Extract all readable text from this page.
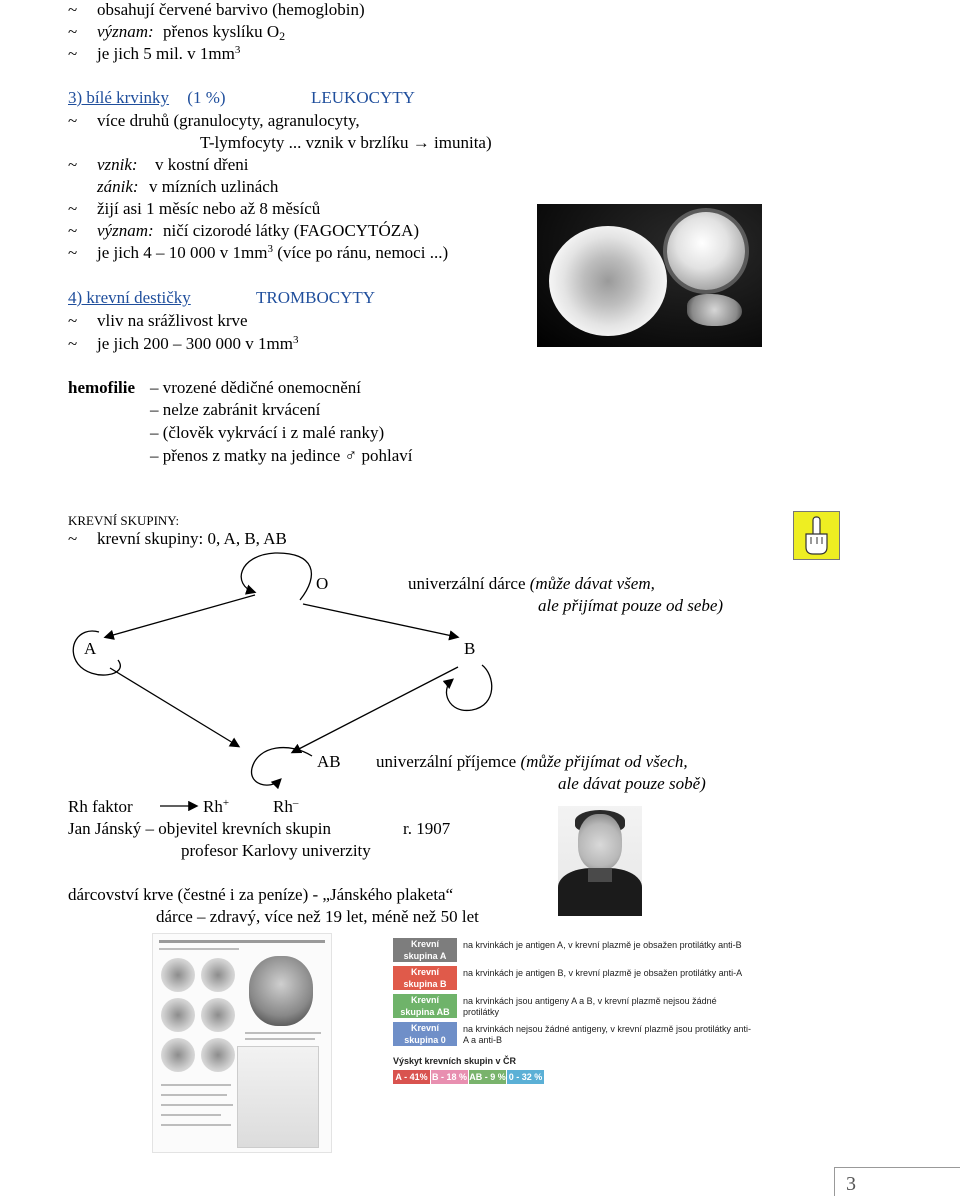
~ obsahují červené barvivo (hemoglobin)
~ význam: přenos kyslíku $O_2$
~ je jich 5 mil. v $1mm^3$
3) bílé krvinky (1 %)	LEUKOCYTY
~ více druhů (granulocyty, agranulocyty,
T-lymfocyty ... vznik v brzlíku → imunita)
~ vznik: v kostní dřeni
zánik: v mízních uzlinách
~ žijí asi 1 měsíc nebo až 8 měsíců
~ význam: ničí cizorodé látky (FAGOCYTÓZA)
~ je jich 4 – 10 000 v $1mm^3$ (více po ránu, nemoci ...)
4) krevní destičky	TROMBOCYTY
~ vliv na srážlivost krve
~ je jich 200 – 300 000 v $1mm^3$
hemofilie – vrozené dědičné onemocnění
– nelze zabránit krvácení
– (člověk vykrvácí i z malé ranky)
– přenos z matky na jedince ♂ pohlaví
KREVNÍ SKUPINY:
~ krevní skupiny: 0, A, B, AB
O	univerzální dárce (může dávat všem,
ale přijímat pouze od sebe)
A	B
AB univerzální příjemce (může přijímat od všech,
ale dávat pouze sobě)
Rh faktor	Rh+	Rh–
Jan Jánský – objevitel krevních skupin	r. 1907
profesor Karlovy univerzity
dárcovství krve (čestné i za peníze) - „Jánského plaketa“
dárce – zdravý, více než 19 let, méně než 50 let
Krevní skupina A
na krvinkách je antigen A, v krevní plazmě je obsažen protilátky anti-B
Krevní skupina B
na krvinkách je antigen B, v krevní plazmě je obsažen protilátky anti-A
Krevní skupina AB
na krvinkách jsou antigeny A a B, v krevní plazmě nejsou žádné protilátky
Krevní skupina 0
na krvinkách nejsou žádné antigeny, v krevní plazmě jsou protilátky anti-A a anti-B
Výskyt krevních skupin v ČR
A - 41% B - 18 % AB - 9 % 0 - 32 %
3
